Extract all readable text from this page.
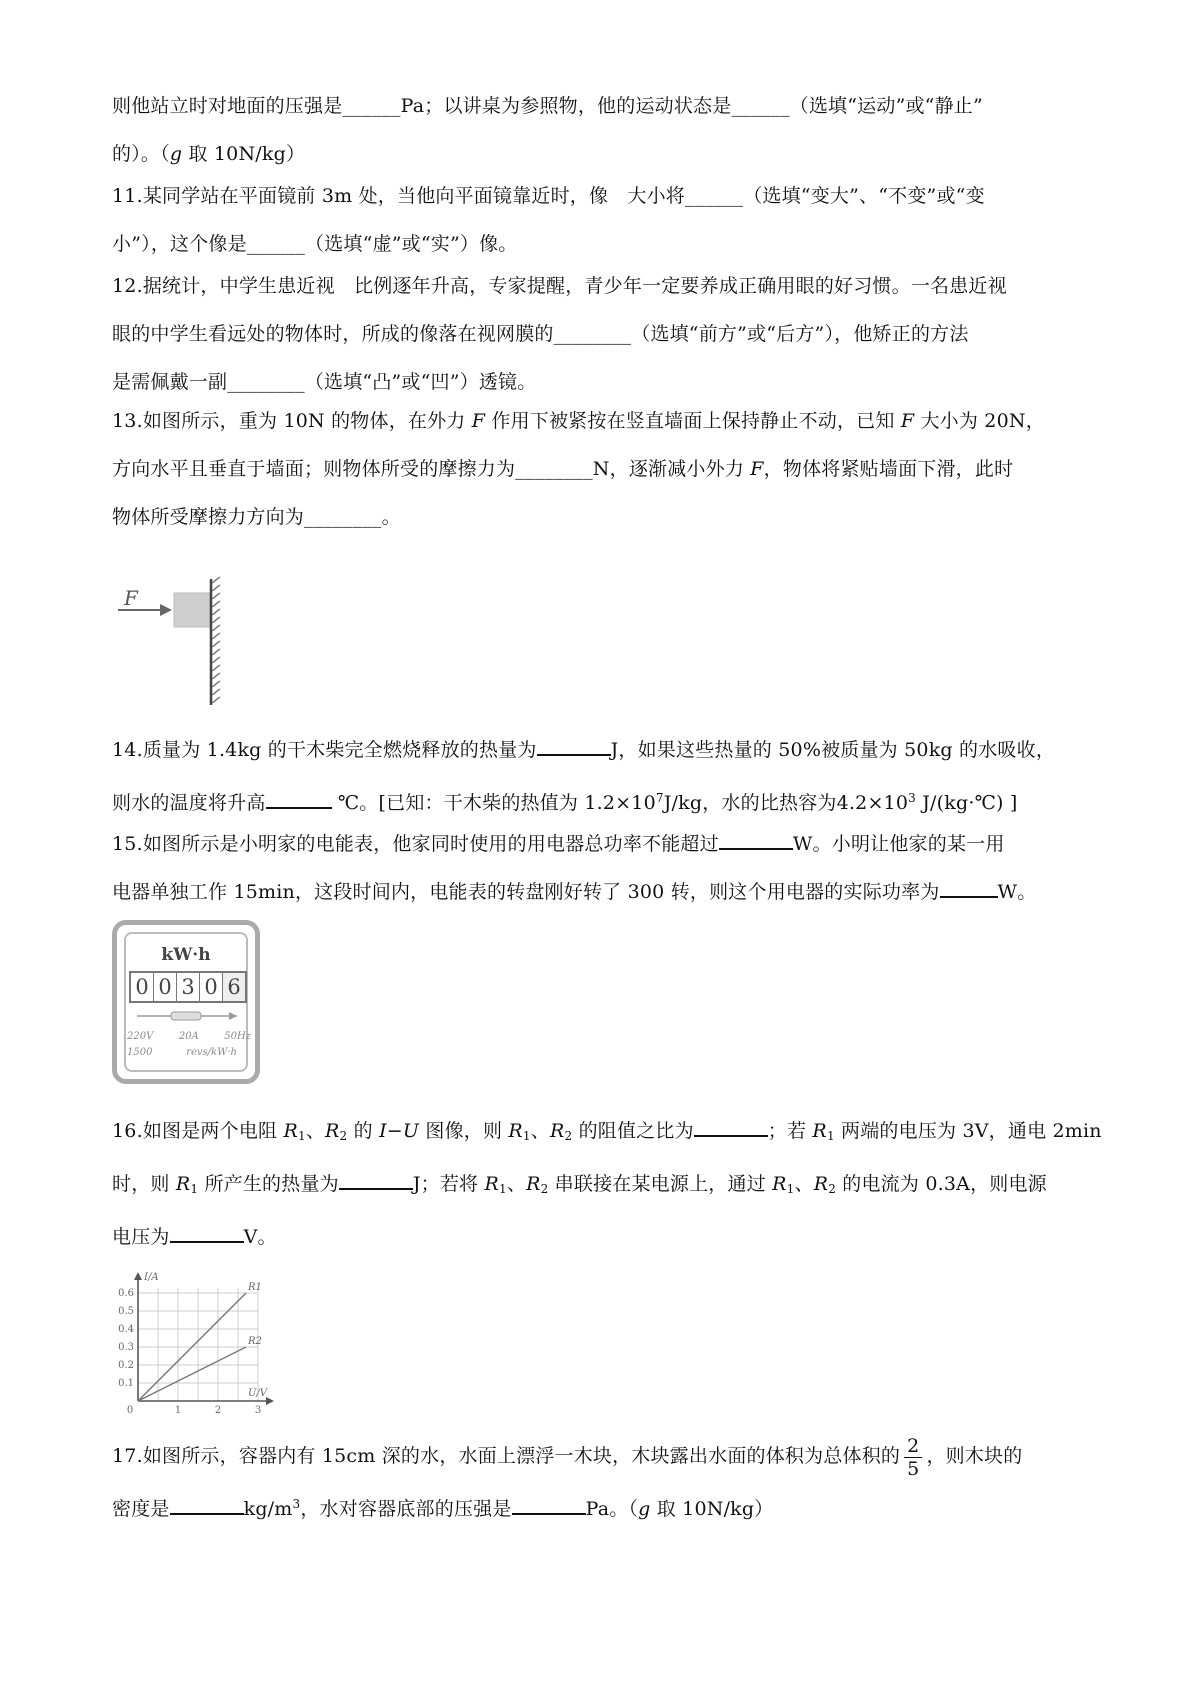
则他站立时对地面的压强是______Pa；以讲桌为参照物，他的运动状态是______（选填“运动”或“静止”
的）。（g 取 10N/kg）
11.某同学站在平面镜前 3m 处，当他向平面镜靠近时，像　大小将______（选填“变大”、“不变”或“变
小”），这个像是______（选填“虚”或“实”）像。
12.据统计，中学生患近视　比例逐年升高，专家提醒，青少年一定要养成正确用眼的好习惯。一名患近视
眼的中学生看远处的物体时，所成的像落在视网膜的________（选填“前方”或“后方”），他矫正的方法
是需佩戴一副________（选填“凸”或“凹”）透镜。
13.如图所示，重为 10N 的物体，在外力 F 作用下被紧按在竖直墙面上保持静止不动，已知 F 大小为 20N，
方向水平且垂直于墙面；则物体所受的摩擦力为________N，逐渐减小外力 F，物体将紧贴墙面下滑，此时
物体所受摩擦力方向为________。
F
14.质量为 1.4kg 的干木柴完全燃烧释放的热量为	J，如果这些热量的 50%被质量为 50kg 的水吸收，
则水的温度将升高	℃。[已知：干木柴的热值为 $1.2\times 10^7J/kg$，水的比热容为$4.2\times 10^3$ J/(kg·℃) ]
15.如图所示是小明家的电能表，他家同时使用的用电器总功率不能超过	W。小明让他家的某一用
电器单独工作 15min，这段时间内，电能表的转盘刚好转了 300 转，则这个用电器的实际功率为	W。
kW·h
0 0 3 0 6
220V	20A	50Hz
1500	revs/kW·h
16.如图是两个电阻 $R_1$、$R_2$ 的 I−U 图像，则 $R_1$、$R_2$ 的阻值之比为	；若 $R_1$ 两端的电压为 3V，通电 2min
时，则 $R_1$ 所产生的热量为	J；若将 $R_1$、$R_2$ 串联接在某电源上，通过 $R_1$、$R_2$ 的电流为 0.3A，则电源
电压为	V。
I/A
U/V
0.6
0.5
0.4
0.3
0.2
0.1
0	1	2	3
R1
R2
17.如图所示，容器内有 15cm 深的水，水面上漂浮一木块，木块露出水面的体积为总体积的 $\frac{2}{5}$ ，则木块的
密度是	$kg/m^3$，水对容器底部的压强是	Pa。（g 取 10N/kg）
